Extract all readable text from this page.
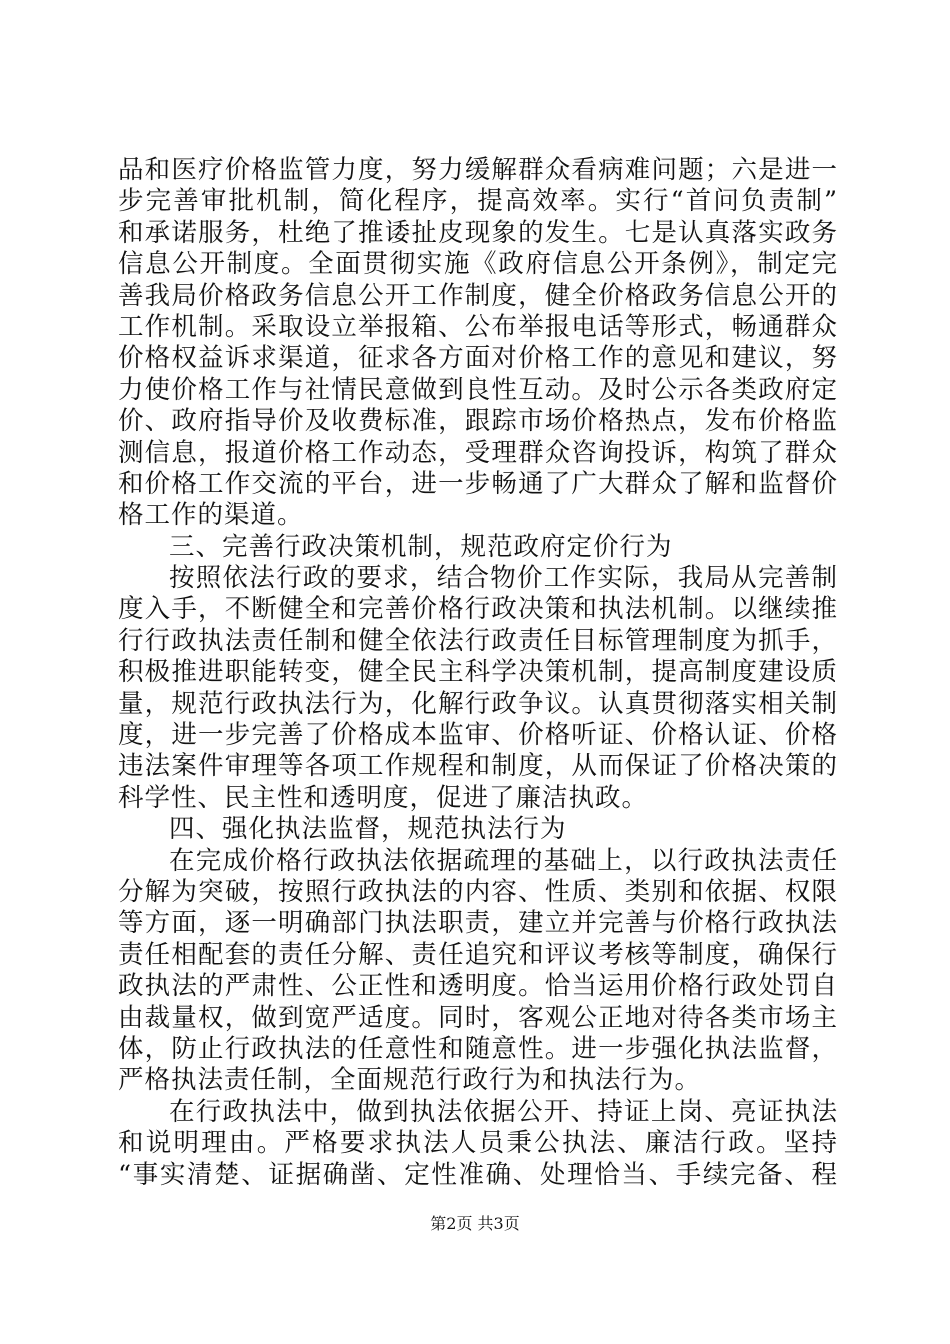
品和医疗价格监管力度，努力缓解群众看病难问题；六是进一
步完善审批机制，简化程序，提高效率。实行“首问负责制”
和承诺服务，杜绝了推诿扯皮现象的发生。七是认真落实政务
信息公开制度。全面贯彻实施《政府信息公开条例》，制定完
善我局价格政务信息公开工作制度，健全价格政务信息公开的
工作机制。采取设立举报箱、公布举报电话等形式，畅通群众
价格权益诉求渠道，征求各方面对价格工作的意见和建议，努
力使价格工作与社情民意做到良性互动。及时公示各类政府定
价、政府指导价及收费标准，跟踪市场价格热点，发布价格监
测信息，报道价格工作动态，受理群众咨询投诉，构筑了群众
和价格工作交流的平台，进一步畅通了广大群众了解和监督价
格工作的渠道。
三、完善行政决策机制，规范政府定价行为
按照依法行政的要求，结合物价工作实际，我局从完善制
度入手，不断健全和完善价格行政决策和执法机制。以继续推
行行政执法责任制和健全依法行政责任目标管理制度为抓手，
积极推进职能转变，健全民主科学决策机制，提高制度建设质
量，规范行政执法行为，化解行政争议。认真贯彻落实相关制
度，进一步完善了价格成本监审、价格听证、价格认证、价格
违法案件审理等各项工作规程和制度，从而保证了价格决策的
科学性、民主性和透明度，促进了廉洁执政。
四、强化执法监督，规范执法行为
在完成价格行政执法依据疏理的基础上，以行政执法责任
分解为突破，按照行政执法的内容、性质、类别和依据、权限
等方面，逐一明确部门执法职责，建立并完善与价格行政执法
责任相配套的责任分解、责任追究和评议考核等制度，确保行
政执法的严肃性、公正性和透明度。恰当运用价格行政处罚自
由裁量权，做到宽严适度。同时，客观公正地对待各类市场主
体，防止行政执法的任意性和随意性。进一步强化执法监督，
严格执法责任制，全面规范行政行为和执法行为。
在行政执法中，做到执法依据公开、持证上岗、亮证执法
和说明理由。严格要求执法人员秉公执法、廉洁行政。坚持
“事实清楚、证据确凿、定性准确、处理恰当、手续完备、程
第2页 共3页
